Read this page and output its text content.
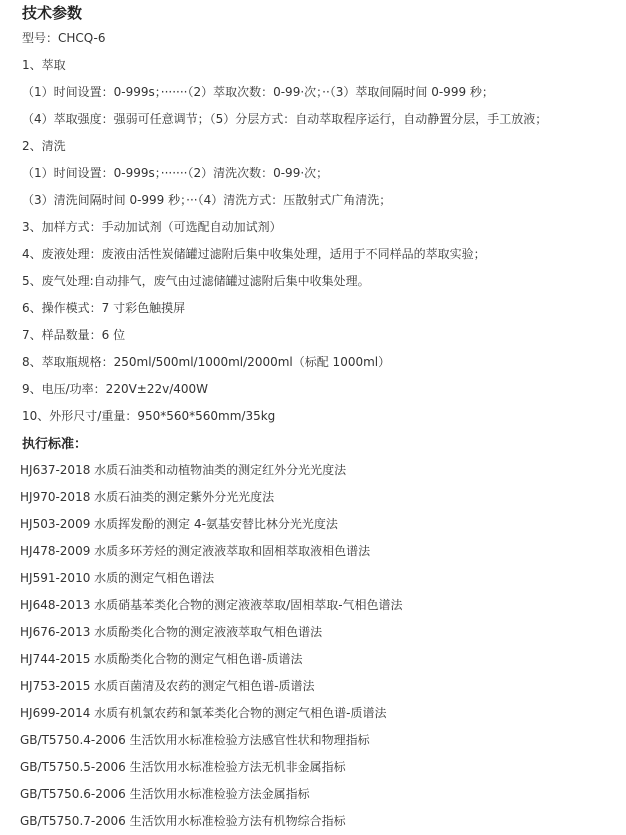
技术参数
型号：CHCQ-6
1、萃取
（1）时间设置：0-999s；·······（2）萃取次数：0-99·次；··（3）萃取间隔时间 0-999 秒；
（4）萃取强度：强弱可任意调节；（5）分层方式：自动萃取程序运行，自动静置分层，手工放液；
2、清洗
（1）时间设置：0-999s；·······（2）清洗次数：0-99·次；
（3）清洗间隔时间 0-999 秒；···（4）清洗方式：压散射式广角清洗；
3、加样方式：手动加试剂（可选配自动加试剂）
4、废液处理：废液由活性炭储罐过滤附后集中收集处理，适用于不同样品的萃取实验；
5、废气处理:自动排气，废气由过滤储罐过滤附后集中收集处理。
6、操作模式：7 寸彩色触摸屏
7、样品数量：6 位
8、萃取瓶规格：250ml/500ml/1000ml/2000ml（标配 1000ml）
9、电压/功率：220V±22v/400W
10、外形尺寸/重量：950*560*560mm/35kg
执行标准：
HJ637-2018 水质石油类和动植物油类的测定红外分光光度法
HJ970-2018 水质石油类的测定紫外分光光度法
HJ503-2009 水质挥发酚的测定 4-氨基安替比林分光光度法
HJ478-2009 水质多环芳烃的测定液液萃取和固相萃取液相色谱法
HJ591-2010 水质的测定气相色谱法
HJ648-2013 水质硝基苯类化合物的测定液液萃取/固相萃取-气相色谱法
HJ676-2013 水质酚类化合物的测定液液萃取气相色谱法
HJ744-2015 水质酚类化合物的测定气相色谱-质谱法
HJ753-2015 水质百菌清及农药的测定气相色谱-质谱法
HJ699-2014 水质有机氯农药和氯苯类化合物的测定气相色谱-质谱法
GB/T5750.4-2006 生活饮用水标准检验方法感官性状和物理指标
GB/T5750.5-2006 生活饮用水标准检验方法无机非金属指标
GB/T5750.6-2006 生活饮用水标准检验方法金属指标
GB/T5750.7-2006 生活饮用水标准检验方法有机物综合指标
